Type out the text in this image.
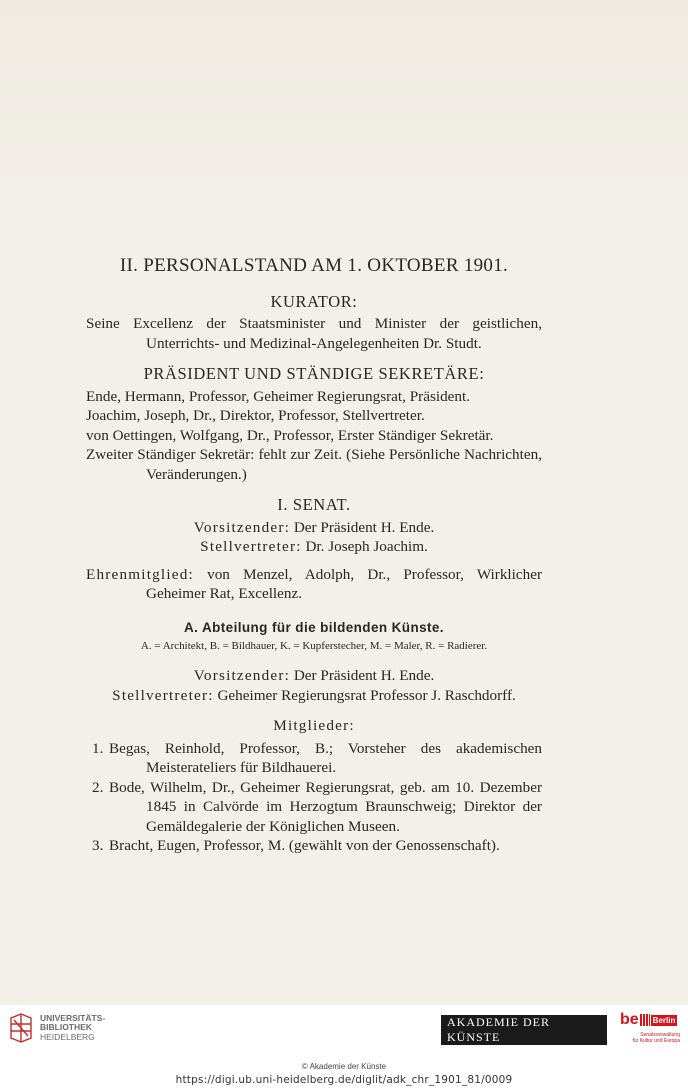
II. PERSONALSTAND AM 1. OKTOBER 1901.
KURATOR:

Seine Excellenz der Staatsminister und Minister der geistlichen, Unterrichts- und Medizinal-Angelegenheiten Dr. Studt.

PRÄSIDENT UND STÄNDIGE SEKRETÄRE:

Ende, Hermann, Professor, Geheimer Regierungsrat, Präsident.

Joachim, Joseph, Dr., Direktor, Professor, Stellvertreter.

von Oettingen, Wolfgang, Dr., Professor, Erster Ständiger Sekretär.

Zweiter Ständiger Sekretär: fehlt zur Zeit. (Siehe Persönliche Nachrichten, Veränderungen.)

I. SENAT.
Vorsitzender: Der Präsident H. Ende.
Stellvertreter: Dr. Joseph Joachim.

Ehrenmitglied: von Menzel, Adolph, Dr., Professor, Wirklicher Geheimer Rat, Excellenz.

A. Abteilung für die bildenden Künste.
A. = Architekt, B. = Bildhauer, K. = Kupferstecher, M. = Maler, R. = Radierer.
Vorsitzender: Der Präsident H. Ende.
Stellvertreter: Geheimer Regierungsrat Professor J. Raschdorff.
Mitglieder:
1. Begas, Reinhold, Professor, B.; Vorsteher des akademischen Meisterateliers für Bildhauerei.
2. Bode, Wilhelm, Dr., Geheimer Regierungsrat, geb. am 10. Dezember 1845 in Calvörde im Herzogtum Braunschweig; Direktor der Gemäldegalerie der Königlichen Museen.
3. Bracht, Eugen, Professor, M. (gewählt von der Genossenschaft).
UNIVERSITÄTS-
BIBLIOTHEK
HEIDELBERG
AKADEMIE DER KÜNSTE
be Berlin
Senatsverwaltung
für Kultur und Europa
© Akademie der Künste
https://digi.ub.uni-heidelberg.de/diglit/adk_chr_1901_81/0009
